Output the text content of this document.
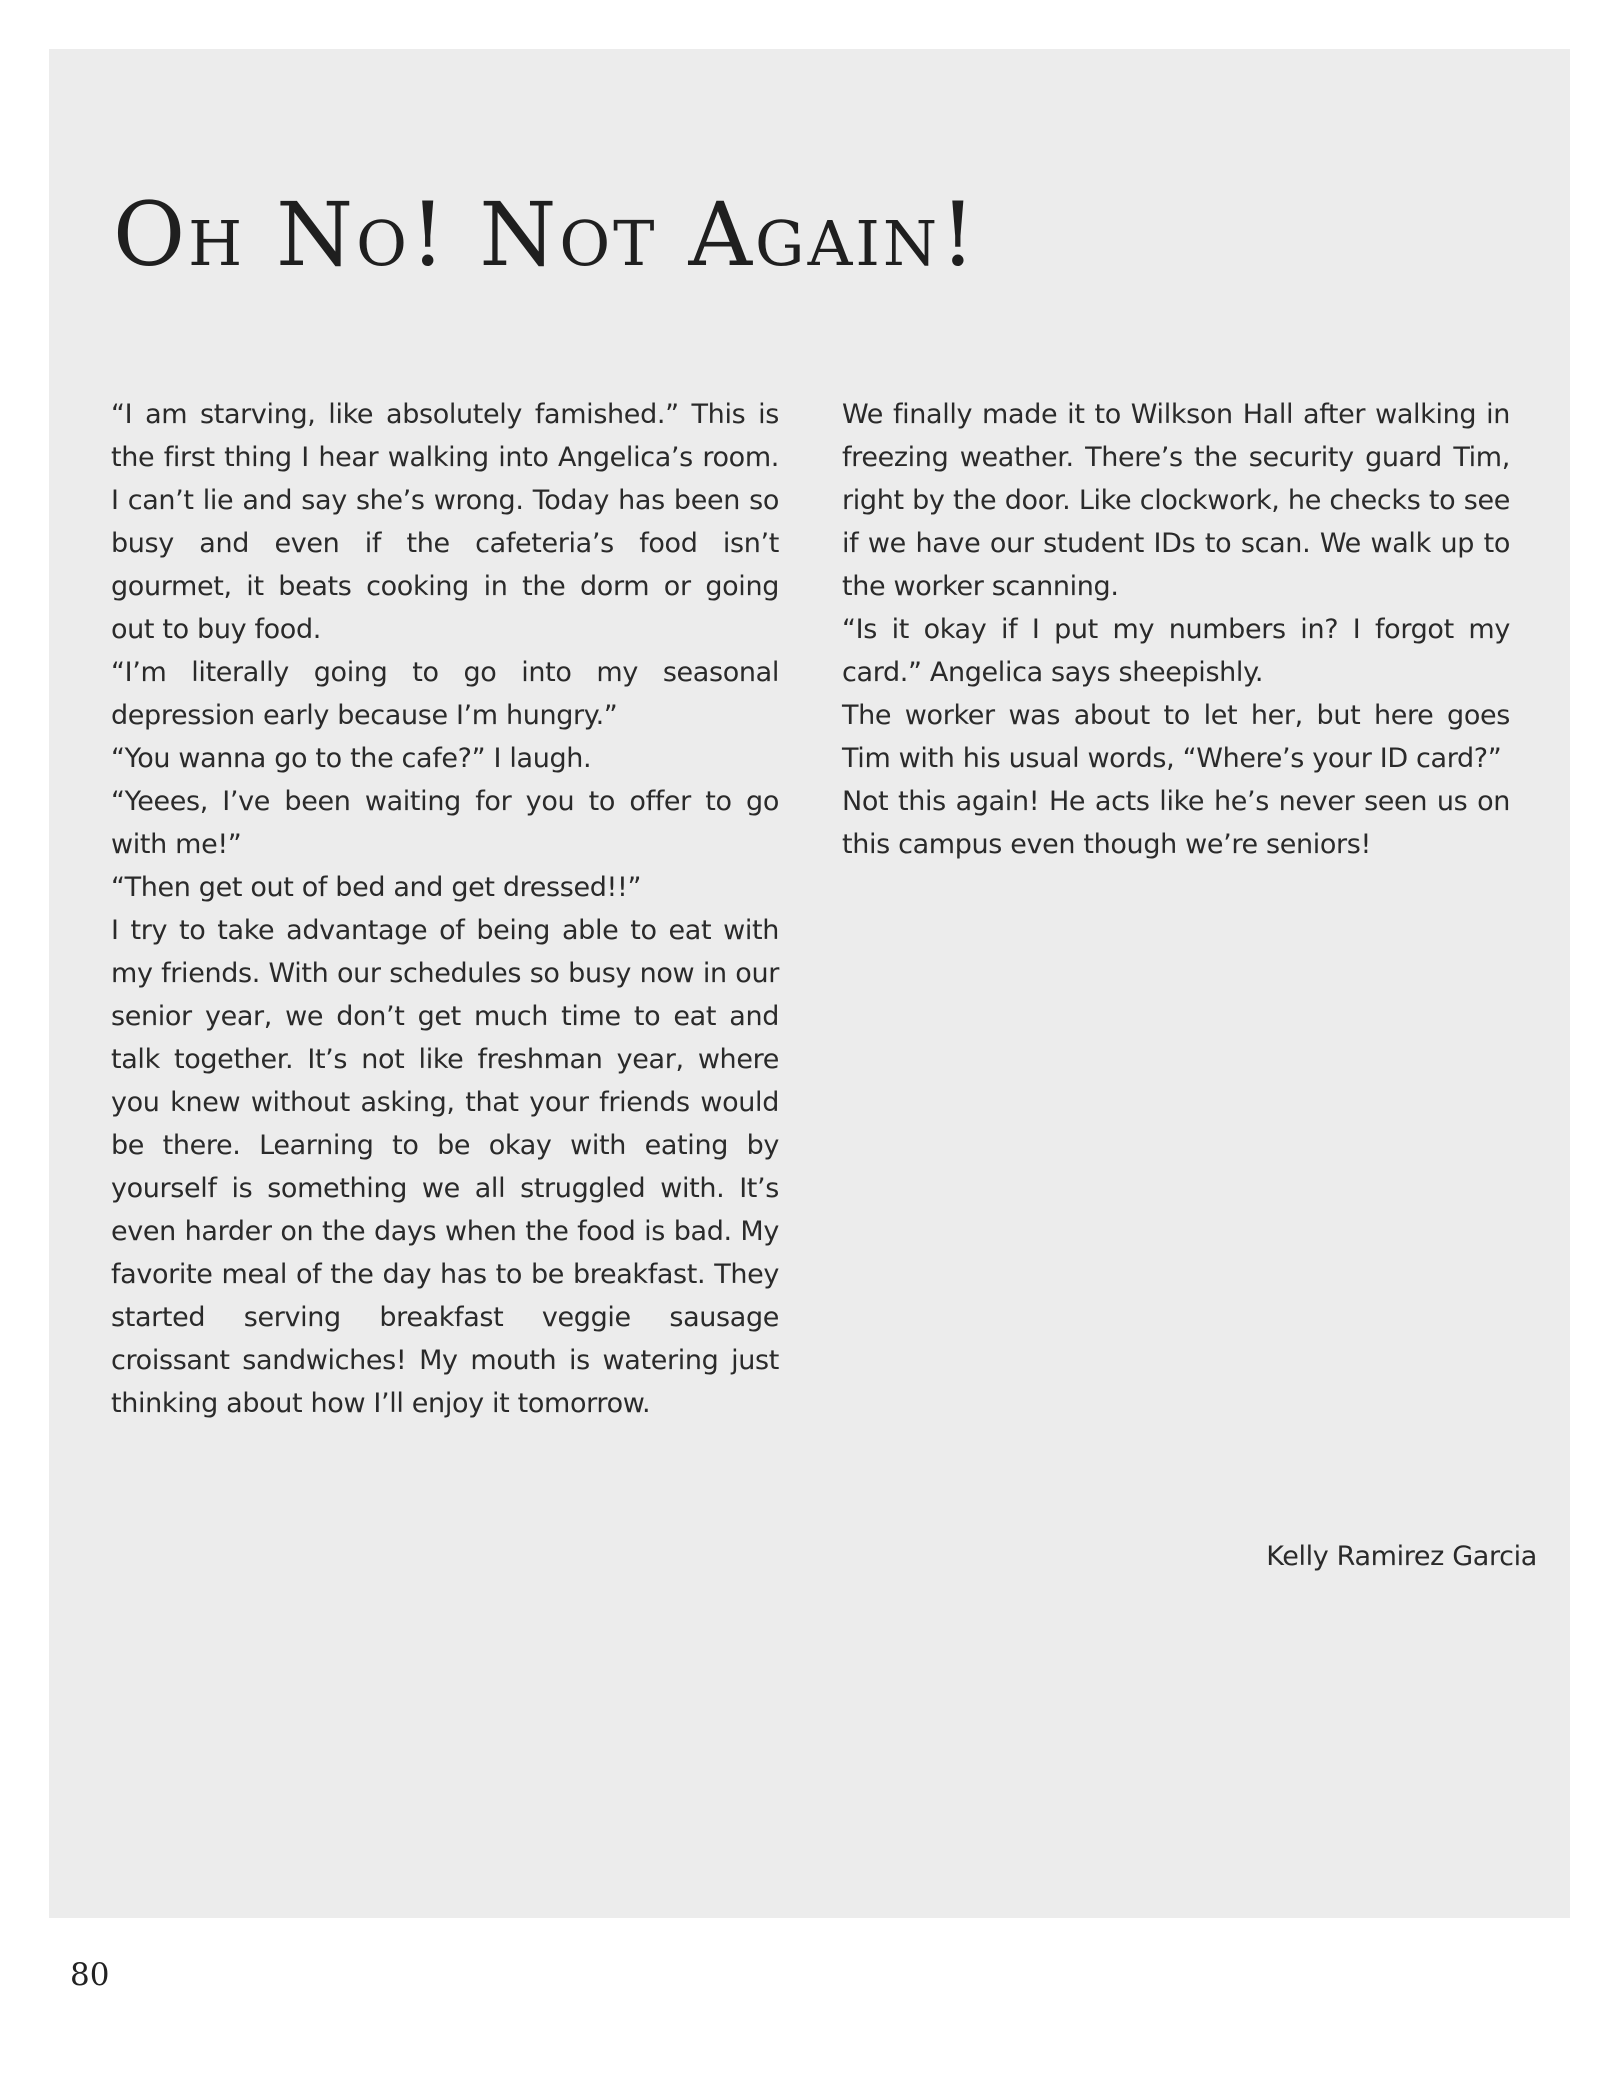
Oh No! Not Again!

“I am starving, like absolutely famished.” This is the first thing I hear walking into Angelica’s room. I can’t lie and say she’s wrong. Today has been so busy and even if the cafeteria’s food isn’t gourmet, it beats cooking in the dorm or going out to buy food.

“I’m literally going to go into my seasonal depression early because I’m hungry.”

“You wanna go to the cafe?” I laugh.

“Yeees, I’ve been waiting for you to offer to go with me!”

“Then get out of bed and get dressed!!”

I try to take advantage of being able to eat with my friends. With our schedules so busy now in our senior year, we don’t get much time to eat and talk together. It’s not like freshman year, where you knew without asking, that your friends would be there. Learning to be okay with eating by yourself is something we all struggled with. It’s even harder on the days when the food is bad. My favorite meal of the day has to be breakfast. They started serving breakfast veggie sausage croissant sandwiches! My mouth is watering just thinking about how I’ll enjoy it tomorrow.

We finally made it to Wilkson Hall after walking in freezing weather. There’s the security guard Tim, right by the door. Like clockwork, he checks to see if we have our student IDs to scan. We walk up to the worker scanning.

“Is it okay if I put my numbers in? I forgot my card.” Angelica says sheepishly.

The worker was about to let her, but here goes Tim with his usual words, “Where’s your ID card?”

Not this again! He acts like he’s never seen us on this campus even though we’re seniors!

Kelly Ramirez Garcia
80
